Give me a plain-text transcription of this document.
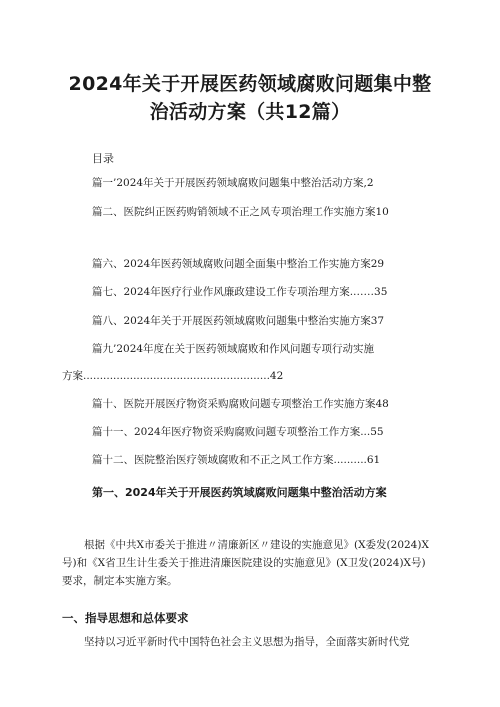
2024年关于开展医药领域腐败问题集中整
治活动方案（共12篇）
目录
篇一’2024年关于开展医药领域腐败问题集中整治活动方案,2
篇二、医院纠正医药购销领域不正之风专项治理工作实施方案10
篇六、2024年医药领域腐败问题全面集中整治工作实施方案29
篇七、2024年医疗行业作风廉政建设工作专项治理方案.……35
篇八、2024年关于开展医药领域腐败问题集中整治实施方案37
篇九’2024年度在关于医药领域腐败和作风问题专项行动实施
方案........................................................42
篇十、医院开展医疗物资采购腐败问题专项整治工作实施方案48
篇十一、2024年医疗物资采购腐败问题专项整治工作方案...55
篇十二、医院整治医疗领域腐败和不正之风工作方案..........61
第一、2024年关于开展医药筑域腐败问题集中整治活动方案
根据《中共X市委关于推进〃清廉新区〃建设的实施意见》(X委发(2024)X
号)和《X省卫生计生委关于推进清廉医院建设的实施意见》(X卫发(2024)X号)
要求，制定本实施方案。
一、指导思想和总体要求
坚持以习近平新时代中国特色社会主义思想为指导，全面落实新时代党
